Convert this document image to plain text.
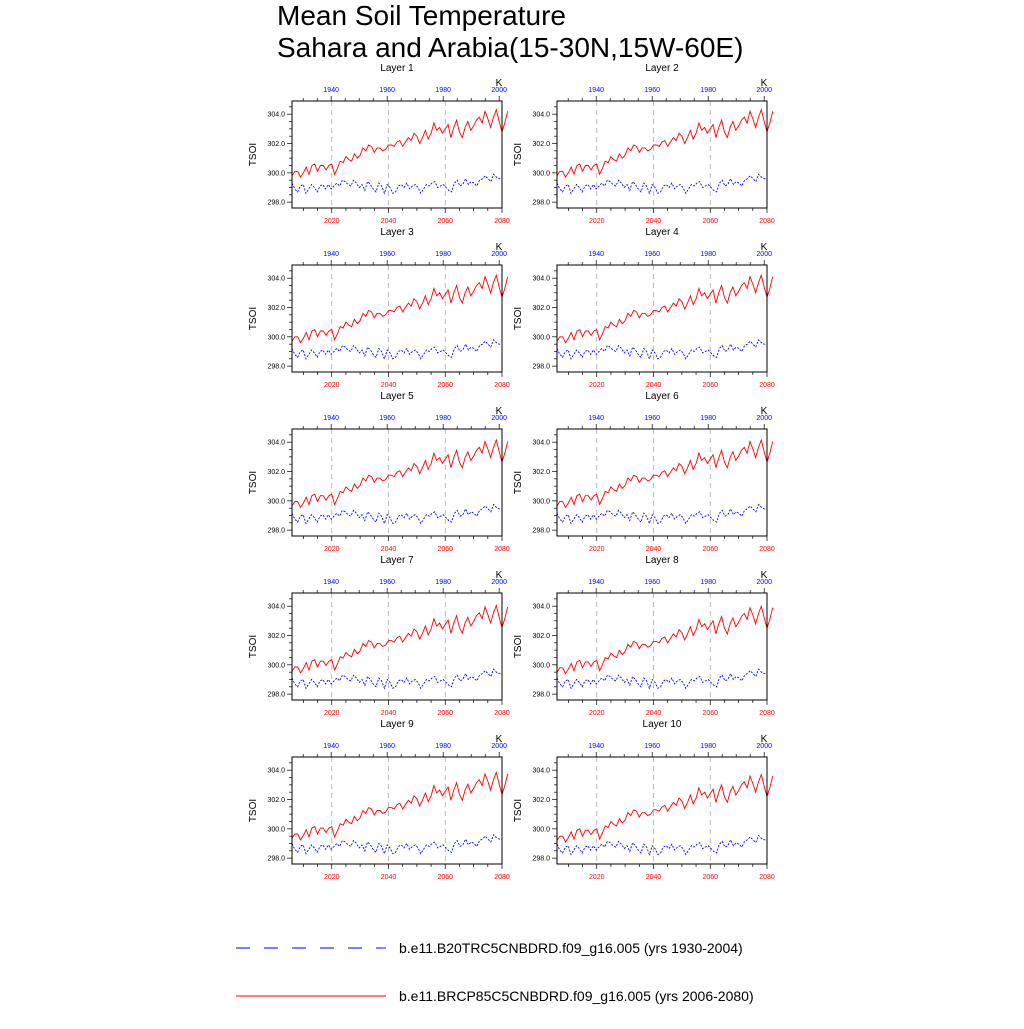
Mean Soil Temperature
Sahara and Arabia(15-30N,15W-60E)
Layer 1
K
1940	1960	1980	2000
2020	2040	2060	2080
298.0
300.0
302.0
304.0
TSOI
Layer 2
K
1940	1960	1980	2000
2020	2040	2060	2080
298.0
300.0
302.0
304.0
TSOI
Layer 3
K
1940	1960	1980	2000
2020	2040	2060	2080
298.0
300.0
302.0
304.0
TSOI
Layer 4
K
1940	1960	1980	2000
2020	2040	2060	2080
298.0
300.0
302.0
304.0
TSOI
Layer 5
K
1940	1960	1980	2000
2020	2040	2060	2080
298.0
300.0
302.0
304.0
TSOI
Layer 6
K
1940	1960	1980	2000
2020	2040	2060	2080
298.0
300.0
302.0
304.0
TSOI
Layer 7
K
1940	1960	1980	2000
2020	2040	2060	2080
298.0
300.0
302.0
304.0
TSOI
Layer 8
K
1940	1960	1980	2000
2020	2040	2060	2080
298.0
300.0
302.0
304.0
TSOI
Layer 9
K
1940	1960	1980	2000
2020	2040	2060	2080
298.0
300.0
302.0
304.0
TSOI
Layer 10
K
1940	1960	1980	2000
2020	2040	2060	2080
298.0
300.0
302.0
304.0
TSOI
b.e11.B20TRC5CNBDRD.f09_g16.005 (yrs 1930-2004)
b.e11.BRCP85C5CNBDRD.f09_g16.005 (yrs 2006-2080)
